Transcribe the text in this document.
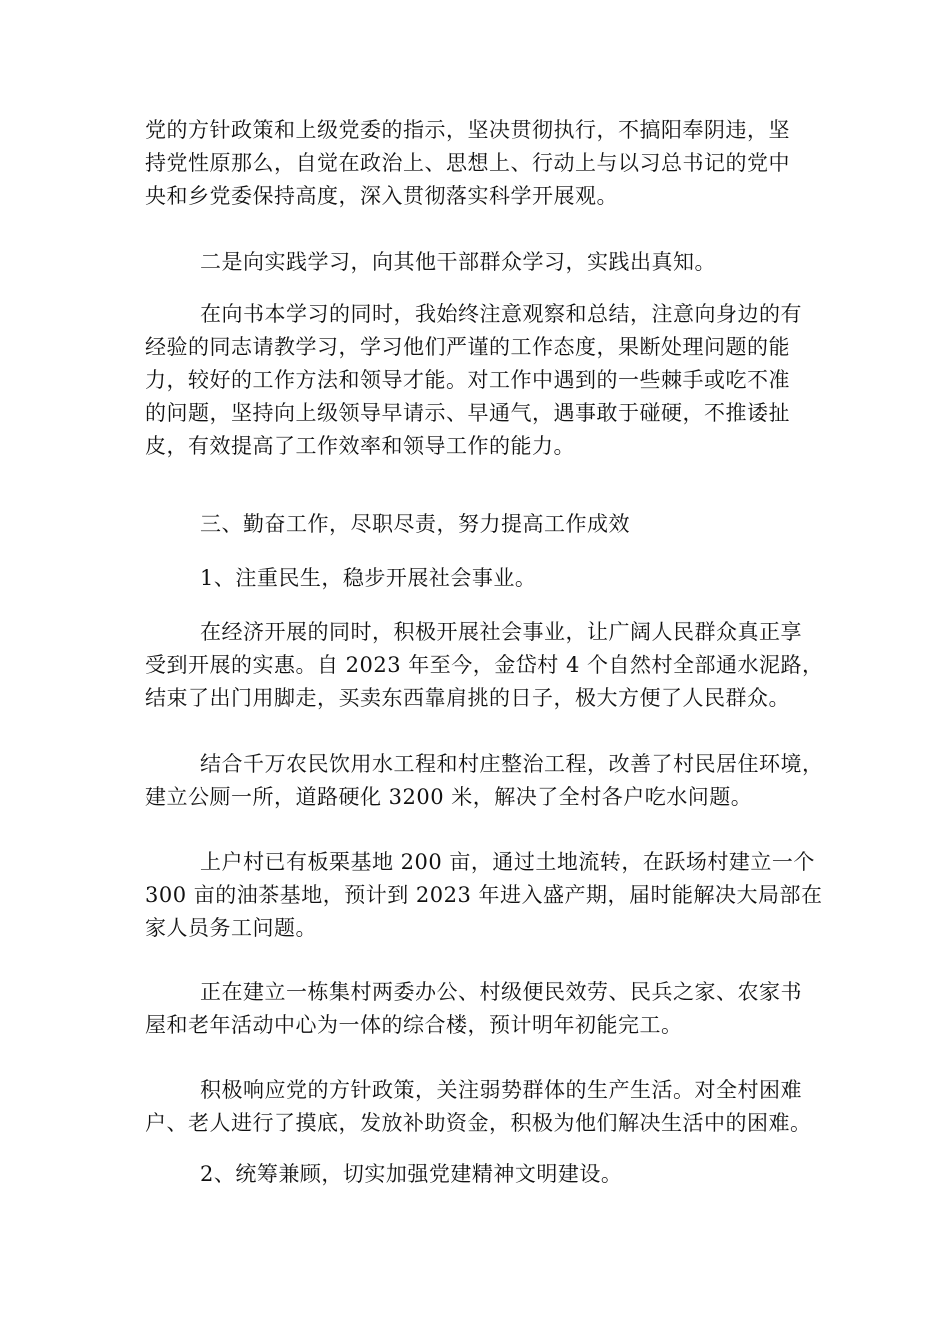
党的方针政策和上级党委的指示，坚决贯彻执行，不搞阳奉阴违，坚
持党性原那么，自觉在政治上、思想上、行动上与以习总书记的党中
央和乡党委保持高度，深入贯彻落实科学开展观。

二是向实践学习，向其他干部群众学习，实践出真知。

在向书本学习的同时，我始终注意观察和总结，注意向身边的有
经验的同志请教学习，学习他们严谨的工作态度，果断处理问题的能
力，较好的工作方法和领导才能。对工作中遇到的一些棘手或吃不准
的问题，坚持向上级领导早请示、早通气，遇事敢于碰硬，不推诿扯
皮，有效提高了工作效率和领导工作的能力。

三、勤奋工作，尽职尽责，努力提高工作成效

1、注重民生，稳步开展社会事业。

在经济开展的同时，积极开展社会事业，让广阔人民群众真正享
受到开展的实惠。自 2023 年至今，金岱村 4 个自然村全部通水泥路，
结束了出门用脚走，买卖东西靠肩挑的日子，极大方便了人民群众。

结合千万农民饮用水工程和村庄整治工程，改善了村民居住环境，
建立公厕一所，道路硬化 3200 米，解决了全村各户吃水问题。

上户村已有板栗基地 200 亩，通过土地流转，在跃场村建立一个
300 亩的油茶基地，预计到 2023 年进入盛产期，届时能解决大局部在
家人员务工问题。

正在建立一栋集村两委办公、村级便民效劳、民兵之家、农家书
屋和老年活动中心为一体的综合楼，预计明年初能完工。

积极响应党的方针政策，关注弱势群体的生产生活。对全村困难
户、老人进行了摸底，发放补助资金，积极为他们解决生活中的困难。

2、统筹兼顾，切实加强党建精神文明建设。
